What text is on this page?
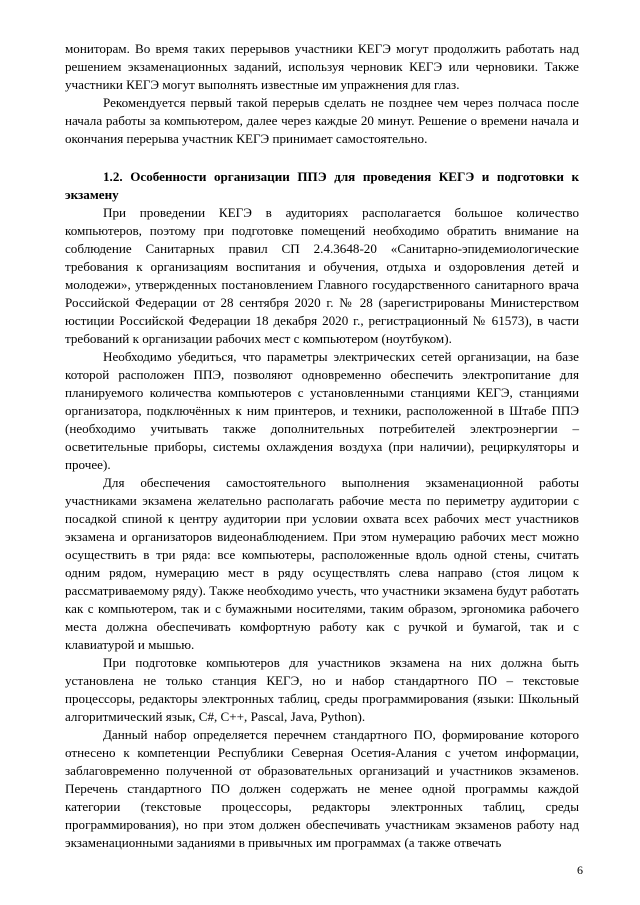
мониторам. Во время таких перерывов участники КЕГЭ могут продолжить работать над решением экзаменационных заданий, используя черновик КЕГЭ или черновики. Также участники КЕГЭ могут выполнять известные им упражнения для глаз.

Рекомендуется первый такой перерыв сделать не позднее чем через полчаса после начала работы за компьютером, далее через каждые 20 минут. Решение о времени начала и окончания перерыва участник КЕГЭ принимает самостоятельно.

1.2. Особенности организации ППЭ для проведения КЕГЭ и подготовки к экзамену

При проведении КЕГЭ в аудиториях располагается большое количество компьютеров, поэтому при подготовке помещений необходимо обратить внимание на соблюдение Санитарных правил СП 2.4.3648-20 «Санитарно-эпидемиологические требования к организациям воспитания и обучения, отдыха и оздоровления детей и молодежи», утвержденных постановлением Главного государственного санитарного врача Российской Федерации от 28 сентября 2020 г. № 28 (зарегистрированы Министерством юстиции Российской Федерации 18 декабря 2020 г., регистрационный № 61573), в части требований к организации рабочих мест с компьютером (ноутбуком).

Необходимо убедиться, что параметры электрических сетей организации, на базе которой расположен ППЭ, позволяют одновременно обеспечить электропитание для планируемого количества компьютеров с установленными станциями КЕГЭ, станциями организатора, подключённых к ним принтеров, и техники, расположенной в Штабе ППЭ (необходимо учитывать также дополнительных потребителей электроэнергии – осветительные приборы, системы охлаждения воздуха (при наличии), рециркуляторы и прочее).

Для обеспечения самостоятельного выполнения экзаменационной работы участниками экзамена желательно располагать рабочие места по периметру аудитории с посадкой спиной к центру аудитории при условии охвата всех рабочих мест участников экзамена и организаторов видеонаблюдением. При этом нумерацию рабочих мест можно осуществить в три ряда: все компьютеры, расположенные вдоль одной стены, считать одним рядом, нумерацию мест в ряду осуществлять слева направо (стоя лицом к рассматриваемому ряду). Также необходимо учесть, что участники экзамена будут работать как с компьютером, так и с бумажными носителями, таким образом, эргономика рабочего места должна обеспечивать комфортную работу как с ручкой и бумагой, так и с клавиатурой и мышью.

При подготовке компьютеров для участников экзамена на них должна быть установлена не только станция КЕГЭ, но и набор стандартного ПО – текстовые процессоры, редакторы электронных таблиц, среды программирования (языки: Школьный алгоритмический язык, C#, C++, Pascal, Java, Python).

Данный набор определяется перечнем стандартного ПО, формирование которого отнесено к компетенции Республики Северная Осетия-Алания с учетом информации, заблаговременно полученной от образовательных организаций и участников экзаменов. Перечень стандартного ПО должен содержать не менее одной программы каждой категории (текстовые процессоры, редакторы электронных таблиц, среды программирования), но при этом должен обеспечивать участникам экзаменов работу над экзаменационными заданиями в привычных им программах (а также отвечать

6
